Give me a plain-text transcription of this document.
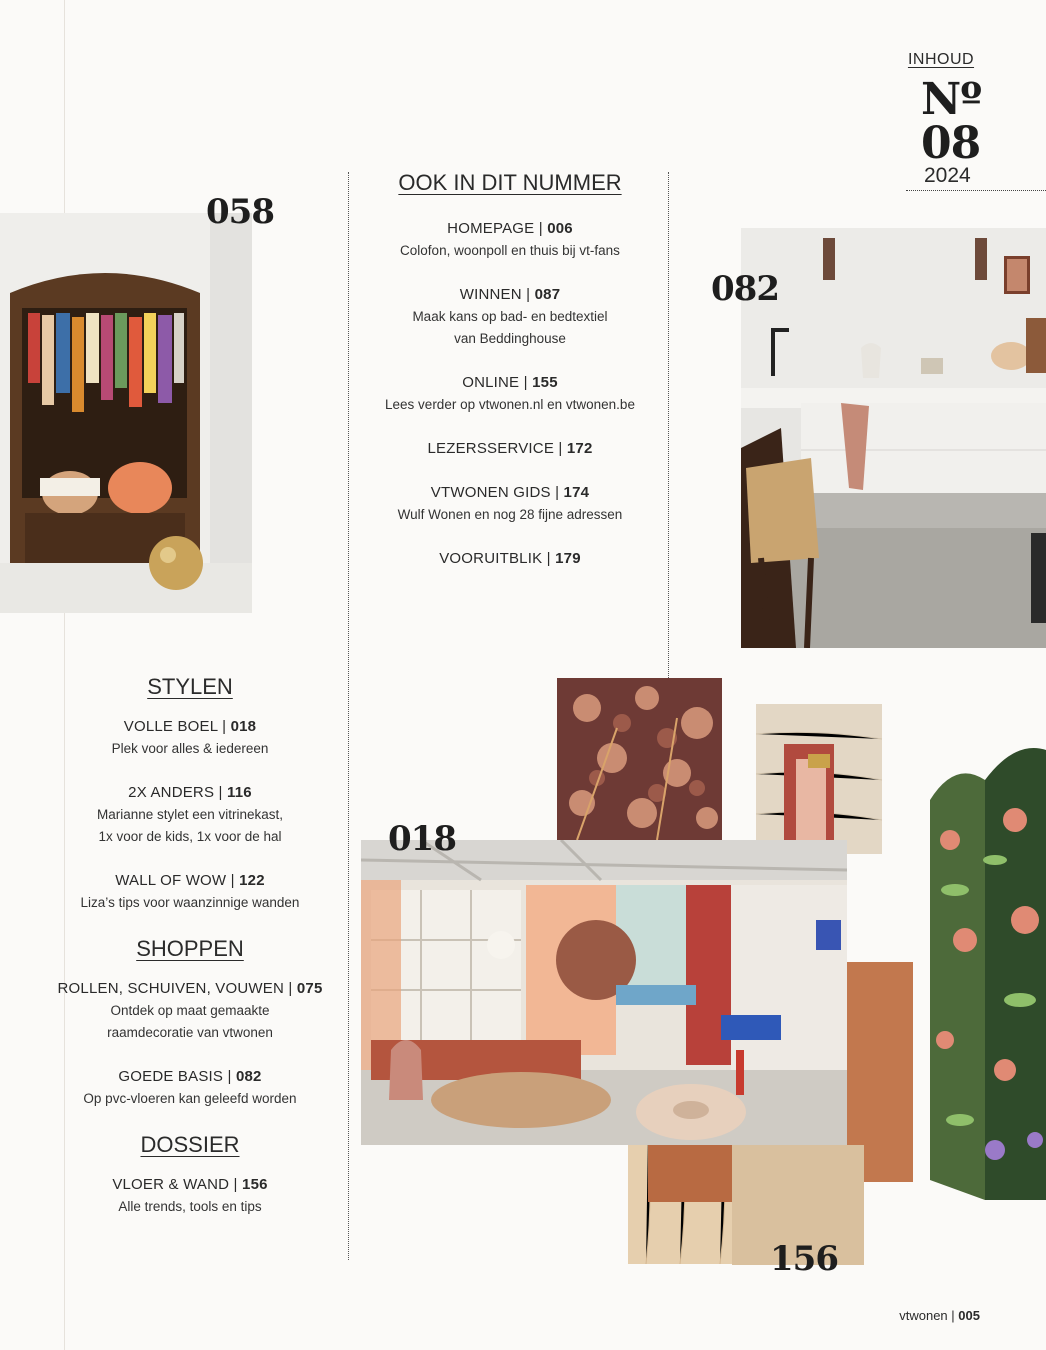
INHOUD
Nº
08
2024
058
082
OOK IN DIT NUMMER
HOMEPAGE | 006
Colofon, woonpoll en thuis bij vt-fans
WINNEN | 087
Maak kans op bad- en bedtextiel
van Beddinghouse
ONLINE | 155
Lees verder op vtwonen.nl en vtwonen.be
LEZERSSERVICE | 172
VTWONEN GIDS | 174
Wulf Wonen en nog 28 fijne adressen
VOORUITBLIK | 179
STYLEN
VOLLE BOEL | 018
Plek voor alles & iedereen
2X ANDERS | 116
Marianne stylet een vitrinekast,
1x voor de kids, 1x voor de hal
WALL OF WOW | 122
Liza’s tips voor waanzinnige wanden
SHOPPEN
ROLLEN, SCHUIVEN, VOUWEN | 075
Ontdek op maat gemaakte
raamdecoratie van vtwonen
GOEDE BASIS | 082
Op pvc-vloeren kan geleefd worden
DOSSIER
VLOER & WAND | 156
Alle trends, tools en tips
018
156
vtwonen | 005
